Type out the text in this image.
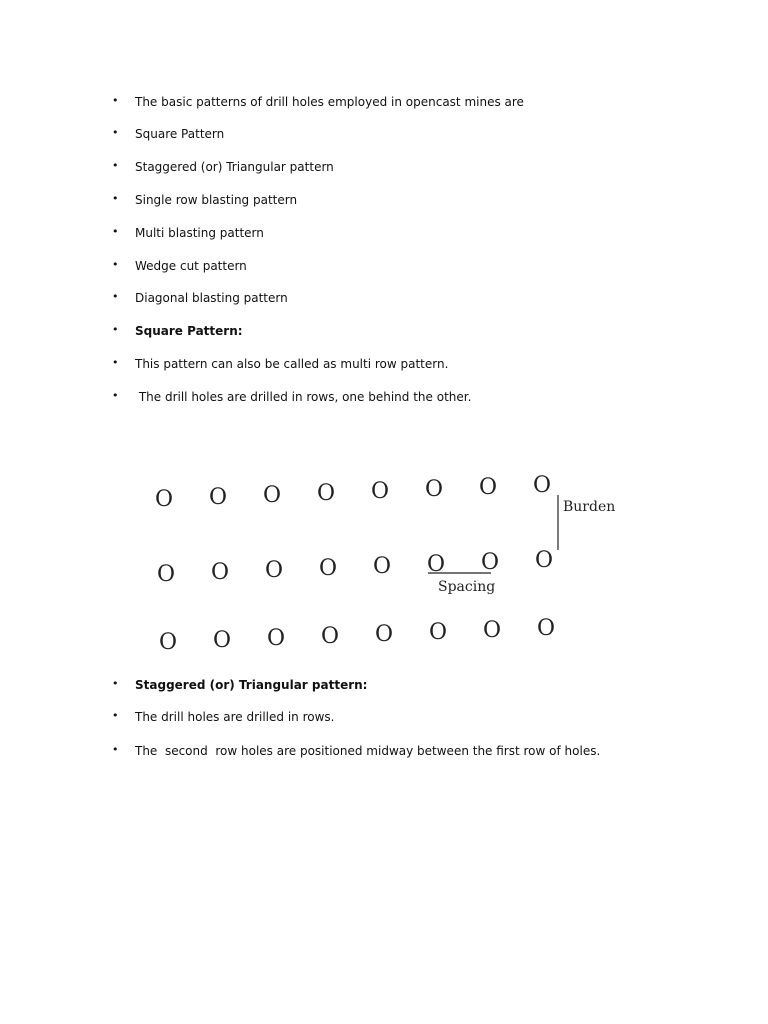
• The basic patterns of drill holes employed in opencast mines are
• Square Pattern
• Staggered (or) Triangular pattern
• Single row blasting pattern
• Multi blasting pattern
• Wedge cut pattern
• Diagonal blasting pattern
• Square Pattern:
• This pattern can also be called as multi row pattern.
• The drill holes are drilled in rows, one behind the other.
O O O O O O O O
O O O O O O O O
O O O O O O O O
Burden
Spacing
• Staggered (or) Triangular pattern:
• The drill holes are drilled in rows.
• The  second  row holes are positioned midway between the first row of holes.
